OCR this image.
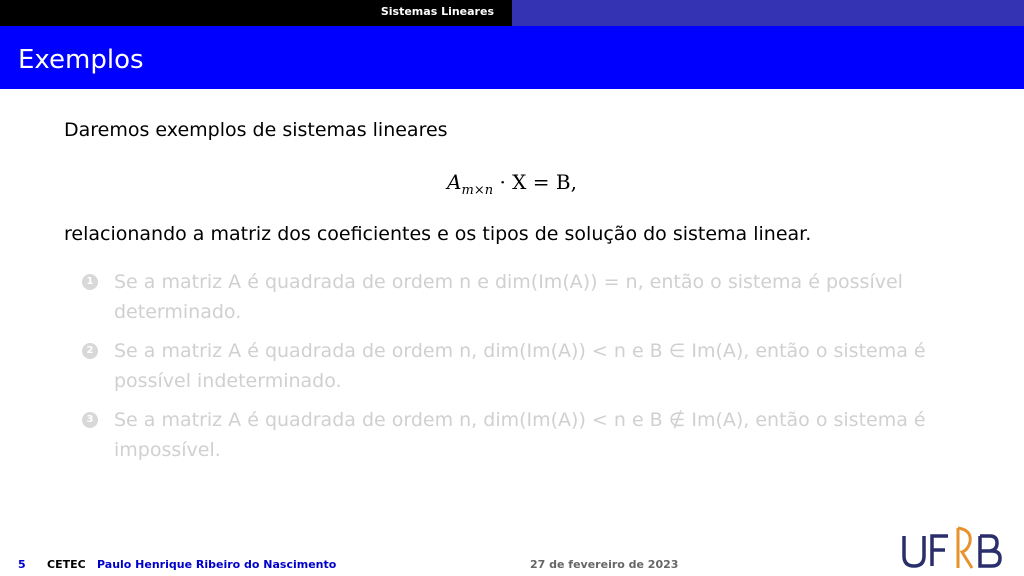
Sistemas Lineares
Exemplos

Daremos exemplos de sistemas lineares

$A_{m\times n} \cdot X = B$,

relacionando a matriz dos coeficientes e os tipos de solução do sistema linear.

1 Se a matriz A é quadrada de ordem n e dim(Im(A)) = n, então o sistema é possível determinado.
2 Se a matriz A é quadrada de ordem n, dim(Im(A)) < n e B ∈ Im(A), então o sistema é possível indeterminado.
3 Se a matriz A é quadrada de ordem n, dim(Im(A)) < n e B ∉ Im(A), então o sistema é impossível.
5 CETEC Paulo Henrique Ribeiro do Nascimento	27 de fevereiro de 2023
